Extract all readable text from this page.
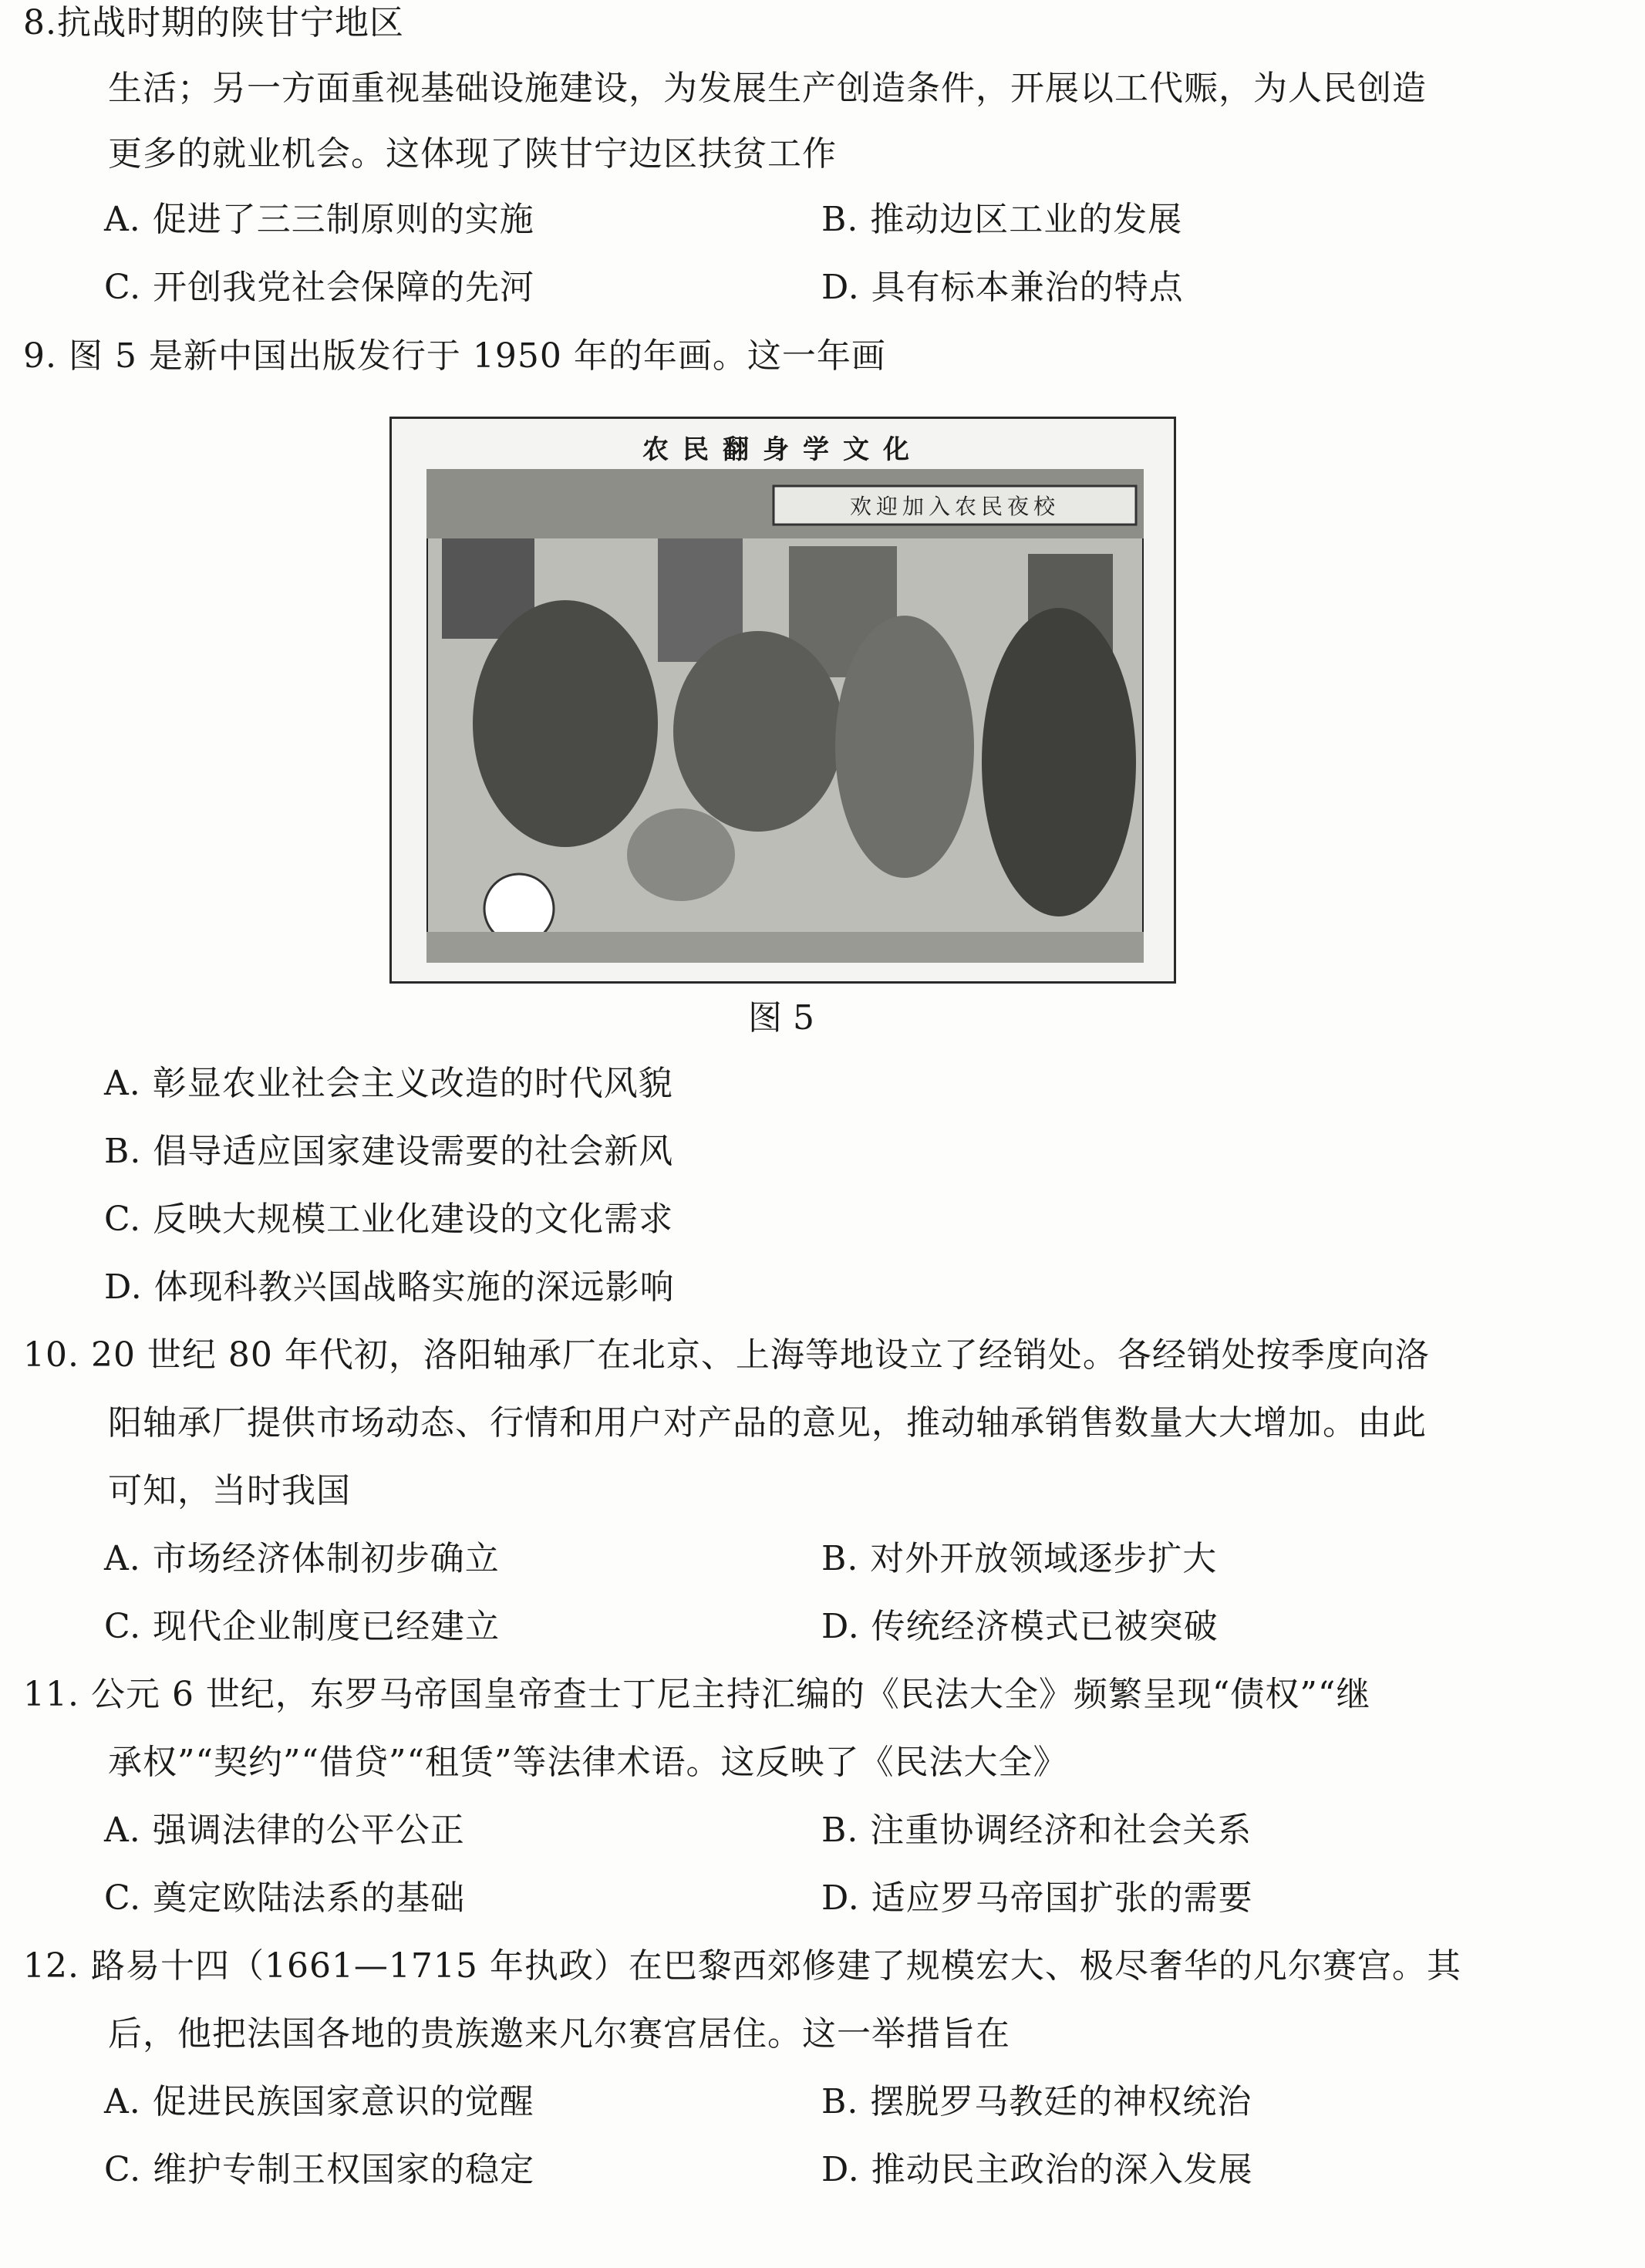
8.抗战时期的陕甘宁地区
生活；另一方面重视基础设施建设，为发展生产创造条件，开展以工代赈，为人民创造
更多的就业机会。这体现了陕甘宁边区扶贫工作
A. 促进了三三制原则的实施	B. 推动边区工业的发展
C. 开创我党社会保障的先河	D. 具有标本兼治的特点
9. 图 5 是新中国出版发行于 1950 年的年画。这一年画
农民翻身学文化
欢迎加入农民夜校
图 5
A. 彰显农业社会主义改造的时代风貌
B. 倡导适应国家建设需要的社会新风
C. 反映大规模工业化建设的文化需求
D. 体现科教兴国战略实施的深远影响
10. 20 世纪 80 年代初，洛阳轴承厂在北京、上海等地设立了经销处。各经销处按季度向洛
阳轴承厂提供市场动态、行情和用户对产品的意见，推动轴承销售数量大大增加。由此
可知，当时我国
A. 市场经济体制初步确立	B. 对外开放领域逐步扩大
C. 现代企业制度已经建立	D. 传统经济模式已被突破
11. 公元 6 世纪，东罗马帝国皇帝查士丁尼主持汇编的《民法大全》频繁呈现“债权”“继
承权”“契约”“借贷”“租赁”等法律术语。这反映了《民法大全》
A. 强调法律的公平公正	B. 注重协调经济和社会关系
C. 奠定欧陆法系的基础	D. 适应罗马帝国扩张的需要
12. 路易十四（1661—1715 年执政）在巴黎西郊修建了规模宏大、极尽奢华的凡尔赛宫。其
后，他把法国各地的贵族邀来凡尔赛宫居住。这一举措旨在
A. 促进民族国家意识的觉醒	B. 摆脱罗马教廷的神权统治
C. 维护专制王权国家的稳定	D. 推动民主政治的深入发展
